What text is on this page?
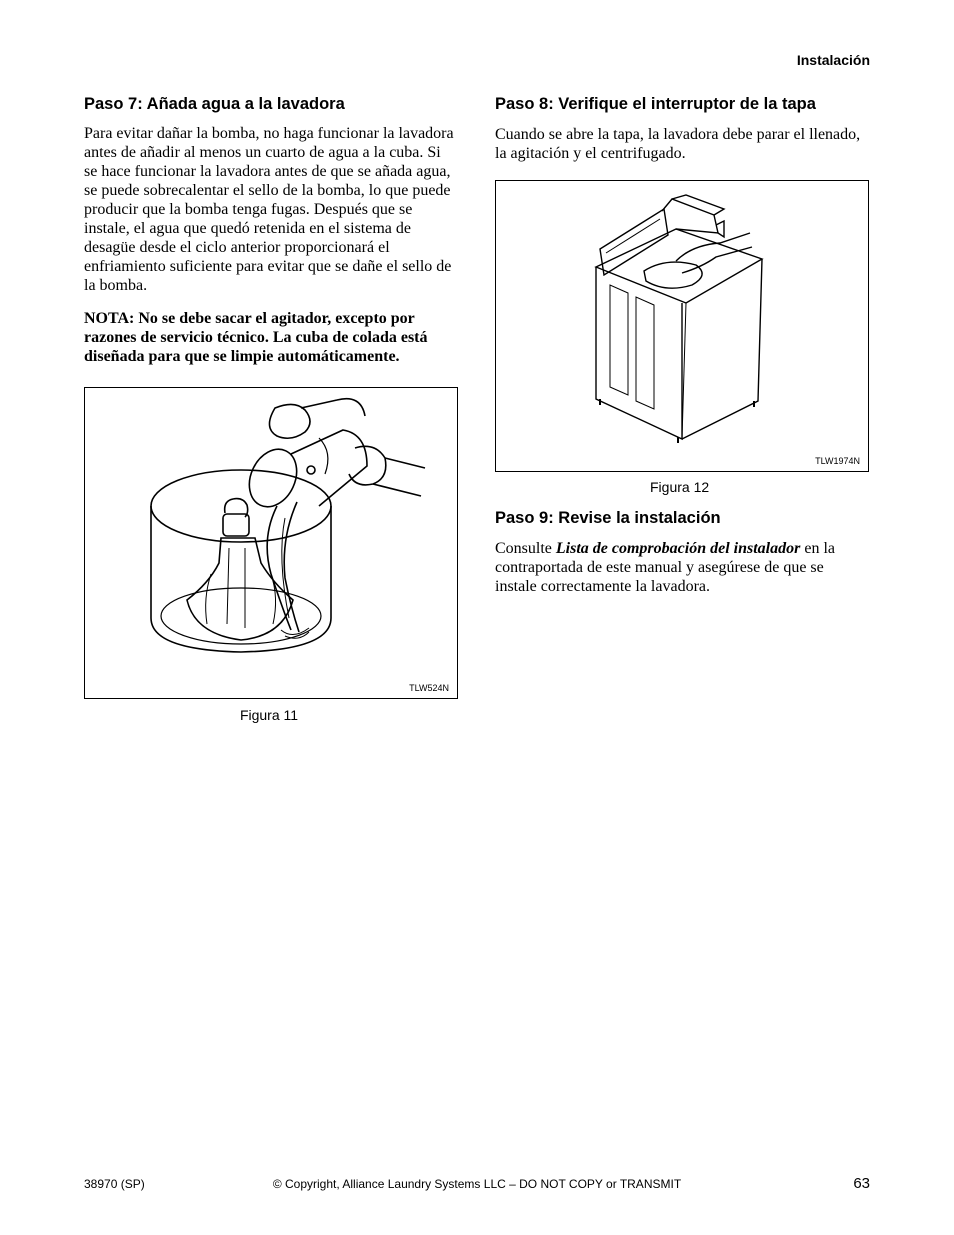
Instalación
Paso 7: Añada agua a la lavadora

Para evitar dañar la bomba, no haga funcionar la lavadora antes de añadir al menos un cuarto de agua a la cuba. Si se hace funcionar la lavadora antes de que se añada agua, se puede sobrecalentar el sello de la bomba, lo que puede producir que la bomba tenga fugas. Después que se instale, el agua que quedó retenida en el sistema de desagüe desde el ciclo anterior proporcionará el enfriamiento suficiente para evitar que se dañe el sello de la bomba.

NOTA: No se debe sacar el agitador, excepto por razones de servicio técnico. La cuba de colada está diseñada para que se limpie automáticamente.

TLW524N
Figura 11
Paso 8: Verifique el interruptor de la tapa

Cuando se abre la tapa, la lavadora debe parar el llenado, la agitación y el centrifugado.

TLW1974N
Figura 12
Paso 9: Revise la instalación

Consulte Lista de comprobación del instalador en la contraportada de este manual y asegúrese de que se instale correctamente la lavadora.

38970 (SP)	© Copyright, Alliance Laundry Systems LLC – DO NOT COPY or TRANSMIT	63
